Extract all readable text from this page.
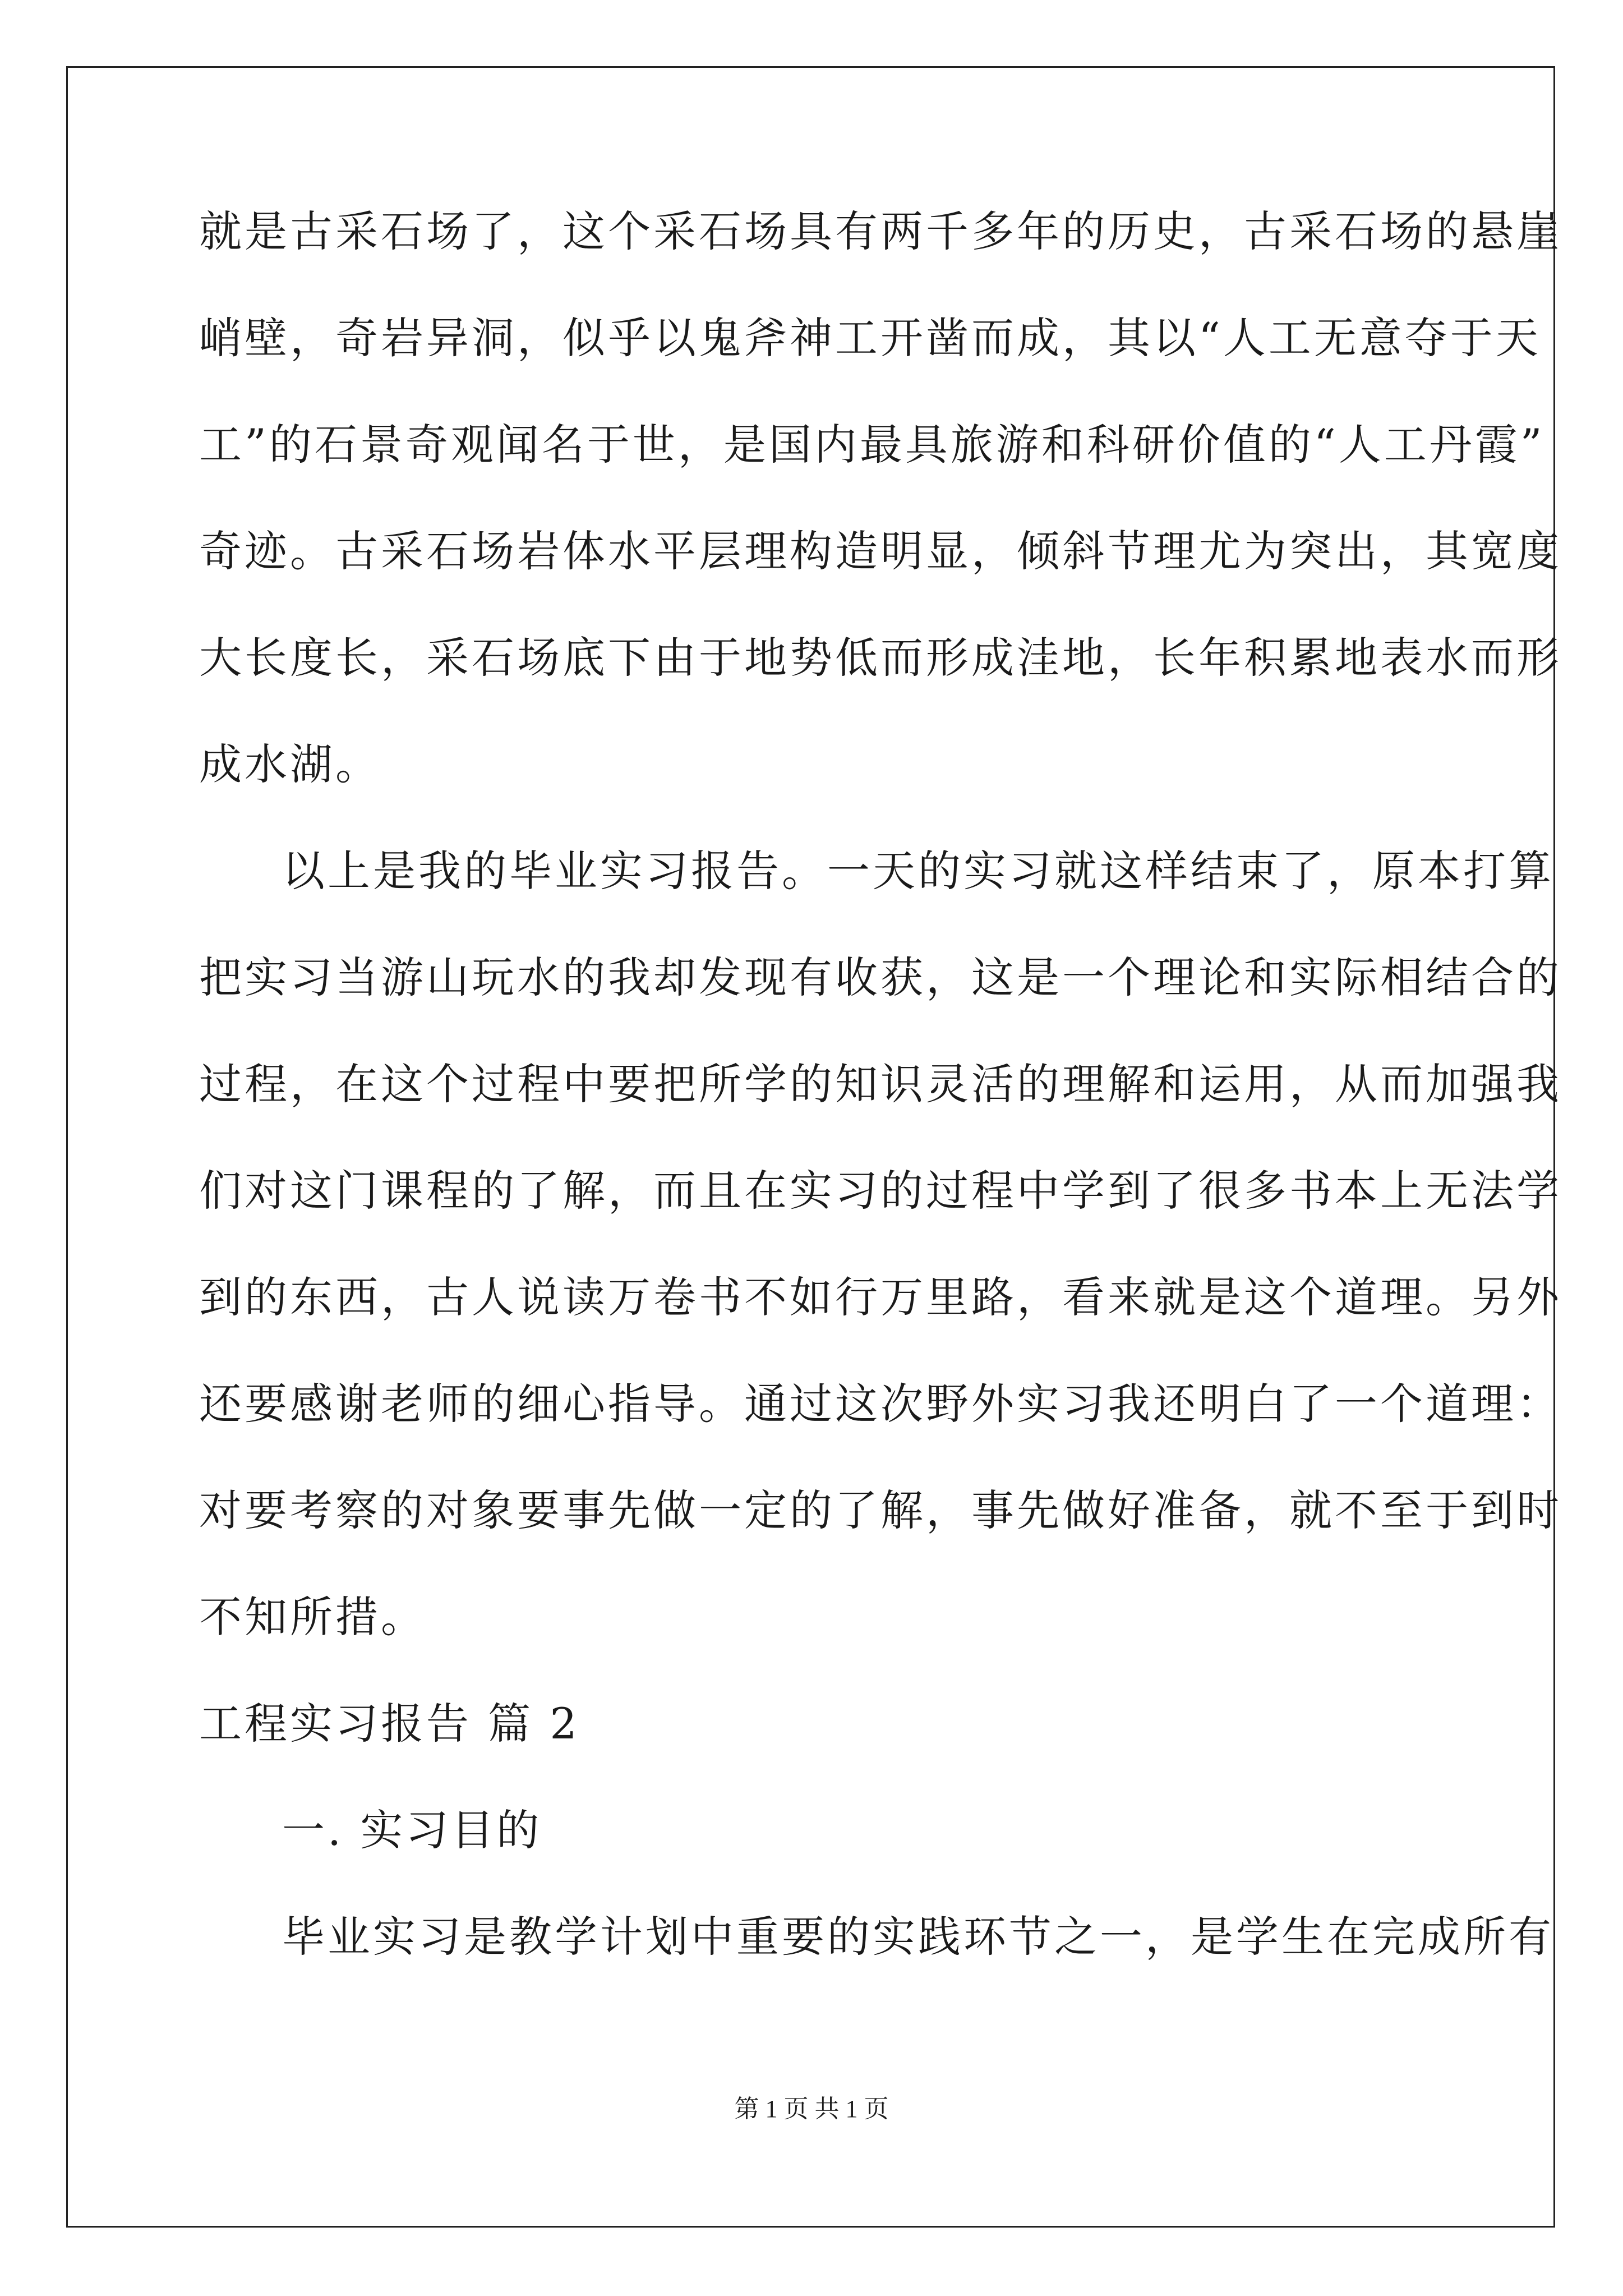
就是古采石场了，这个采石场具有两千多年的历史，古采石场的悬崖
峭壁，奇岩异洞，似乎以鬼斧神工开凿而成，其以“人工无意夺于天
工”的石景奇观闻名于世，是国内最具旅游和科研价值的“人工丹霞”
奇迹。古采石场岩体水平层理构造明显，倾斜节理尤为突出，其宽度
大长度长，采石场底下由于地势低而形成洼地，长年积累地表水而形
成水湖。
以上是我的毕业实习报告。一天的实习就这样结束了，原本打算
把实习当游山玩水的我却发现有收获，这是一个理论和实际相结合的
过程，在这个过程中要把所学的知识灵活的理解和运用，从而加强我
们对这门课程的了解，而且在实习的过程中学到了很多书本上无法学
到的东西，古人说读万卷书不如行万里路，看来就是这个道理。另外
还要感谢老师的细心指导。通过这次野外实习我还明白了一个道理：
对要考察的对象要事先做一定的了解，事先做好准备，就不至于到时
不知所措。
工程实习报告 篇 2
一. 实习目的
毕业实习是教学计划中重要的实践环节之一，是学生在完成所有
第 1 页 共 1 页
